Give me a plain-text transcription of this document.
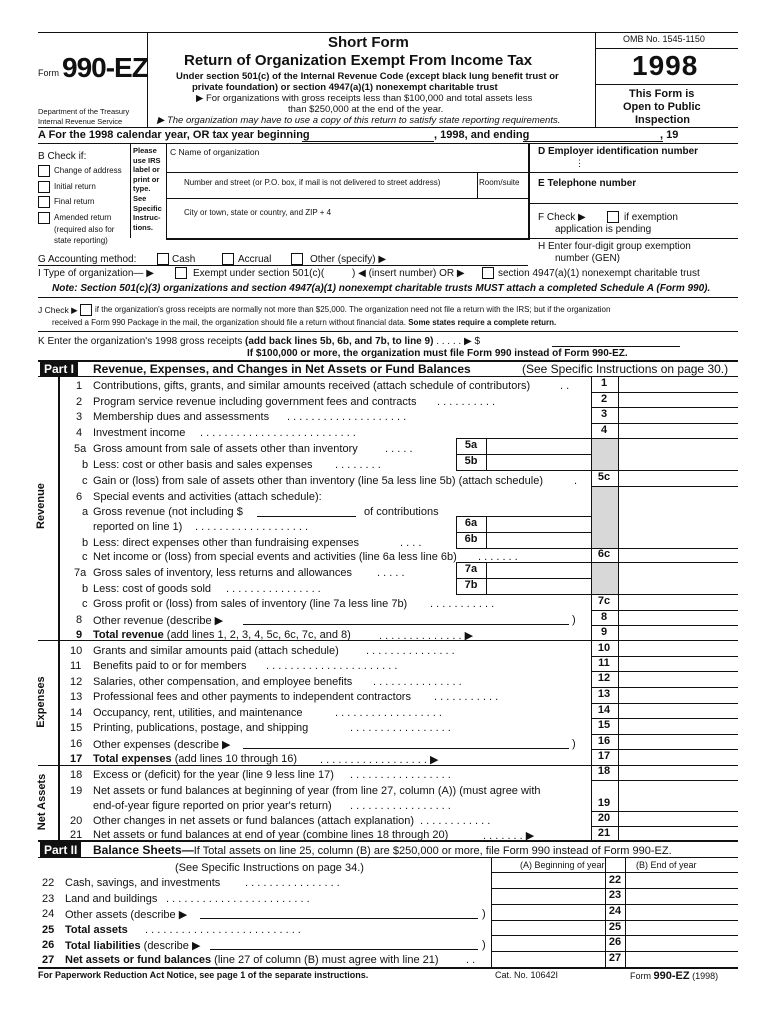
Form 990-EZ
Department of the Treasury
Internal Revenue Service
Short Form
Return of Organization Exempt From Income Tax
Under section 501(c) of the Internal Revenue Code (except black lung benefit trust or
private foundation) or section 4947(a)(1) nonexempt charitable trust
▶ For organizations with gross receipts less than $100,000 and total assets less
than $250,000 at the end of the year.
▶ The organization may have to use a copy of this return to satisfy state reporting requirements.
OMB No. 1545-1150
1998
This Form is
Open to Public
Inspection
A For the 1998 calendar year, OR tax year beginning	, 1998, and ending	, 19
B Check if:
Change of address
Initial return
Final return
Amended return
(required also for
state reporting)
Please
use IRS
label or
print or
type.
See
Specific
Instruc-
tions.
C Name of organization
Number and street (or P.O. box, if mail is not delivered to street address)	Room/suite
City or town, state or country, and ZIP + 4
D Employer identification number
⋮
E Telephone number
F Check ▶	if exemption
application is pending
H Enter four-digit group exemption
number (GEN)
G Accounting method:	Cash	Accrual	Other (specify) ▶
I Type of organization— ▶	Exempt under section 501(c)(	) ◀ (insert number) OR ▶	section 4947(a)(1) nonexempt charitable trust
Note: Section 501(c)(3) organizations and section 4947(a)(1) nonexempt charitable trusts MUST attach a completed Schedule A (Form 990).
J Check ▶ if the organization's gross receipts are normally not more than $25,000. The organization need not file a return with the IRS; but if the organization
received a Form 990 Package in the mail, the organization should file a return without financial data. Some states require a complete return.
K Enter the organization's 1998 gross receipts (add back lines 5b, 6b, and 7b, to line 9) . . . . . ▶ $
If $100,000 or more, the organization must file Form 990 instead of Form 990-EZ.
Part I	Revenue, Expenses, and Changes in Net Assets or Fund Balances	(See Specific Instructions on page 30.)
Revenue
Expenses
Net Assets
1 Contributions, gifts, grants, and similar amounts received (attach schedule of contributors)	. .	1
2 Program service revenue including government fees and contracts . . . . . . . . . .	2
3 Membership dues and assessments . . . . . . . . . . . . . . . . . . . .	3
4 Investment income . . . . . . . . . . . . . . . . . . . . . . . . . .	4
5a Gross amount from sale of assets other than inventory . . . . .	5a
b Less: cost or other basis and sales expenses . . . . . . . .	5b
c Gain or (loss) from sale of assets other than inventory (line 5a less line 5b) (attach schedule)	.	5c
6 Special events and activities (attach schedule):
a Gross revenue (not including $	of contributions
reported on line 1) . . . . . . . . . . . . . . . . . . .	6a
b Less: direct expenses other than fundraising expenses	. . . .	6b
c Net income or (loss) from special events and activities (line 6a less line 6b) . . . . . . .	6c
7a Gross sales of inventory, less returns and allowances . . . . .	7a
b Less: cost of goods sold . . . . . . . . . . . . . . . .	7b
c Gross profit or (loss) from sales of inventory (line 7a less line 7b) . . . . . . . . . . .	7c
8 Other revenue (describe ▶	)	8
9 Total revenue (add lines 1, 2, 3, 4, 5c, 6c, 7c, and 8)	. . . . . . . . . . . . . . ▶	9
10 Grants and similar amounts paid (attach schedule) . . . . . . . . . . . . . . .	10
11 Benefits paid to or for members . . . . . . . . . . . . . . . . . . . . . .	11
12 Salaries, other compensation, and employee benefits . . . . . . . . . . . . . . .	12
13 Professional fees and other payments to independent contractors . . . . . . . . . . .	13
14 Occupancy, rent, utilities, and maintenance	. . . . . . . . . . . . . . . . . .	14
15 Printing, publications, postage, and shipping	. . . . . . . . . . . . . . . . .	15
16 Other expenses (describe ▶	)	16
17 Total expenses (add lines 10 through 16) . . . . . . . . . . . . . . . . . . ▶	17
18 Excess or (deficit) for the year (line 9 less line 17) . . . . . . . . . . . . . . . . .	18
19 Net assets or fund balances at beginning of year (from line 27, column (A)) (must agree with
end-of-year figure reported on prior year's return) . . . . . . . . . . . . . . . . .	19
20 Other changes in net assets or fund balances (attach explanation) . . . . . . . . . . . .	20
21 Net assets or fund balances at end of year (combine lines 18 through 20)	. . . . . . . ▶	21
Part II	Balance Sheets—If Total assets on line 25, column (B) are $250,000 or more, file Form 990 instead of Form 990-EZ.
(See Specific Instructions on page 34.)	(A) Beginning of year	(B) End of year
22 Cash, savings, and investments . . . . . . . . . . . . . . . .	22
23 Land and buildings . . . . . . . . . . . . . . . . . . . . . . . .	23
24 Other assets (describe ▶	)	24
25 Total assets . . . . . . . . . . . . . . . . . . . . . . . . . .	25
26 Total liabilities (describe ▶	)	26
27 Net assets or fund balances (line 27 of column (B) must agree with line 21) . .	27
For Paperwork Reduction Act Notice, see page 1 of the separate instructions.	Cat. No. 10642I	Form 990-EZ (1998)
